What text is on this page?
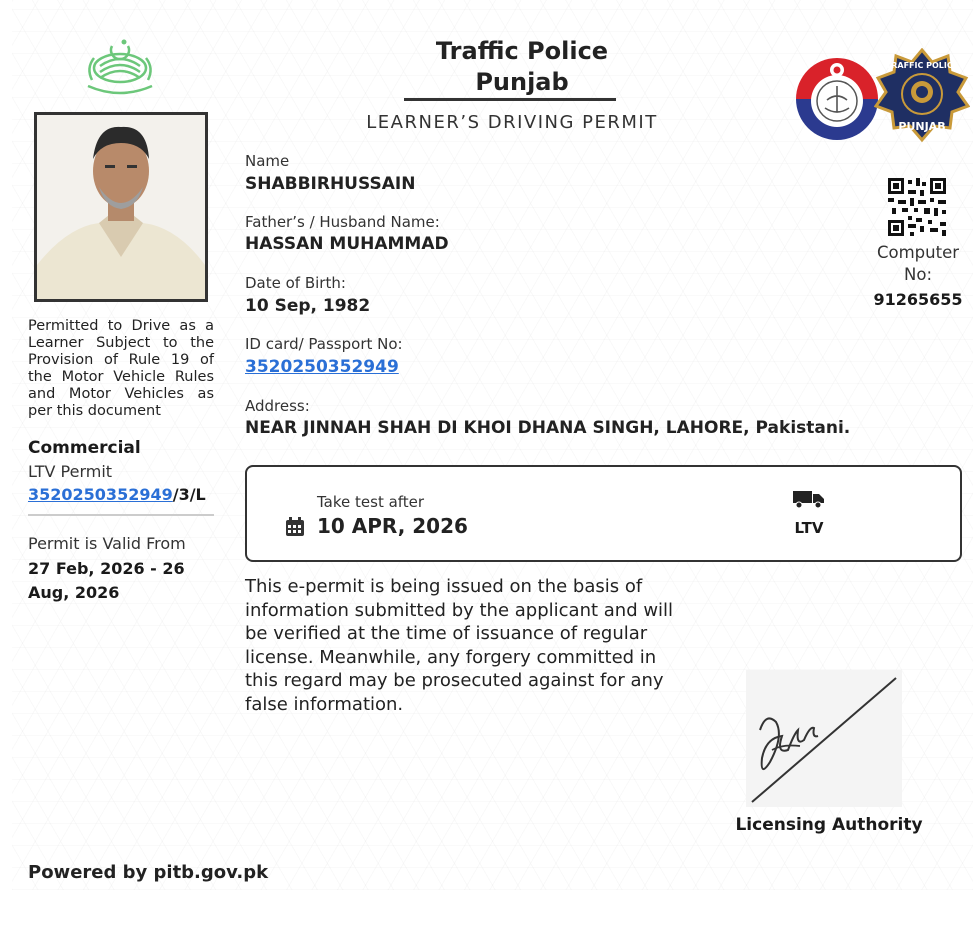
Traffic Police
Punjab
LEARNER’S DRIVING PERMIT
TRAFFIC POLICE
PUNJAB
Name
SHABBIRHUSSAIN
Father’s / Husband Name:
HASSAN MUHAMMAD
Date of Birth:
10 Sep, 1982
ID card/ Passport No:
3520250352949
Address:
NEAR JINNAH SHAH DI KHOI DHANA SINGH, LAHORE, Pakistani.
Computer No:
91265655
Permitted to Drive as a Learner Subject to the Provision of Rule 19 of the Motor Vehicle Rules and Motor Vehicles as per this document
Commercial
LTV Permit
3520250352949/3/L
Permit is Valid From
27 Feb, 2026 - 26 Aug, 2026
Take test after
10 APR, 2026	LTV
This e-permit is being issued on the basis of information submitted by the applicant and will be verified at the time of issuance of regular license. Meanwhile, any forgery committed in this regard may be prosecuted against for any false information.
Licensing Authority
Powered by pitb.gov.pk
